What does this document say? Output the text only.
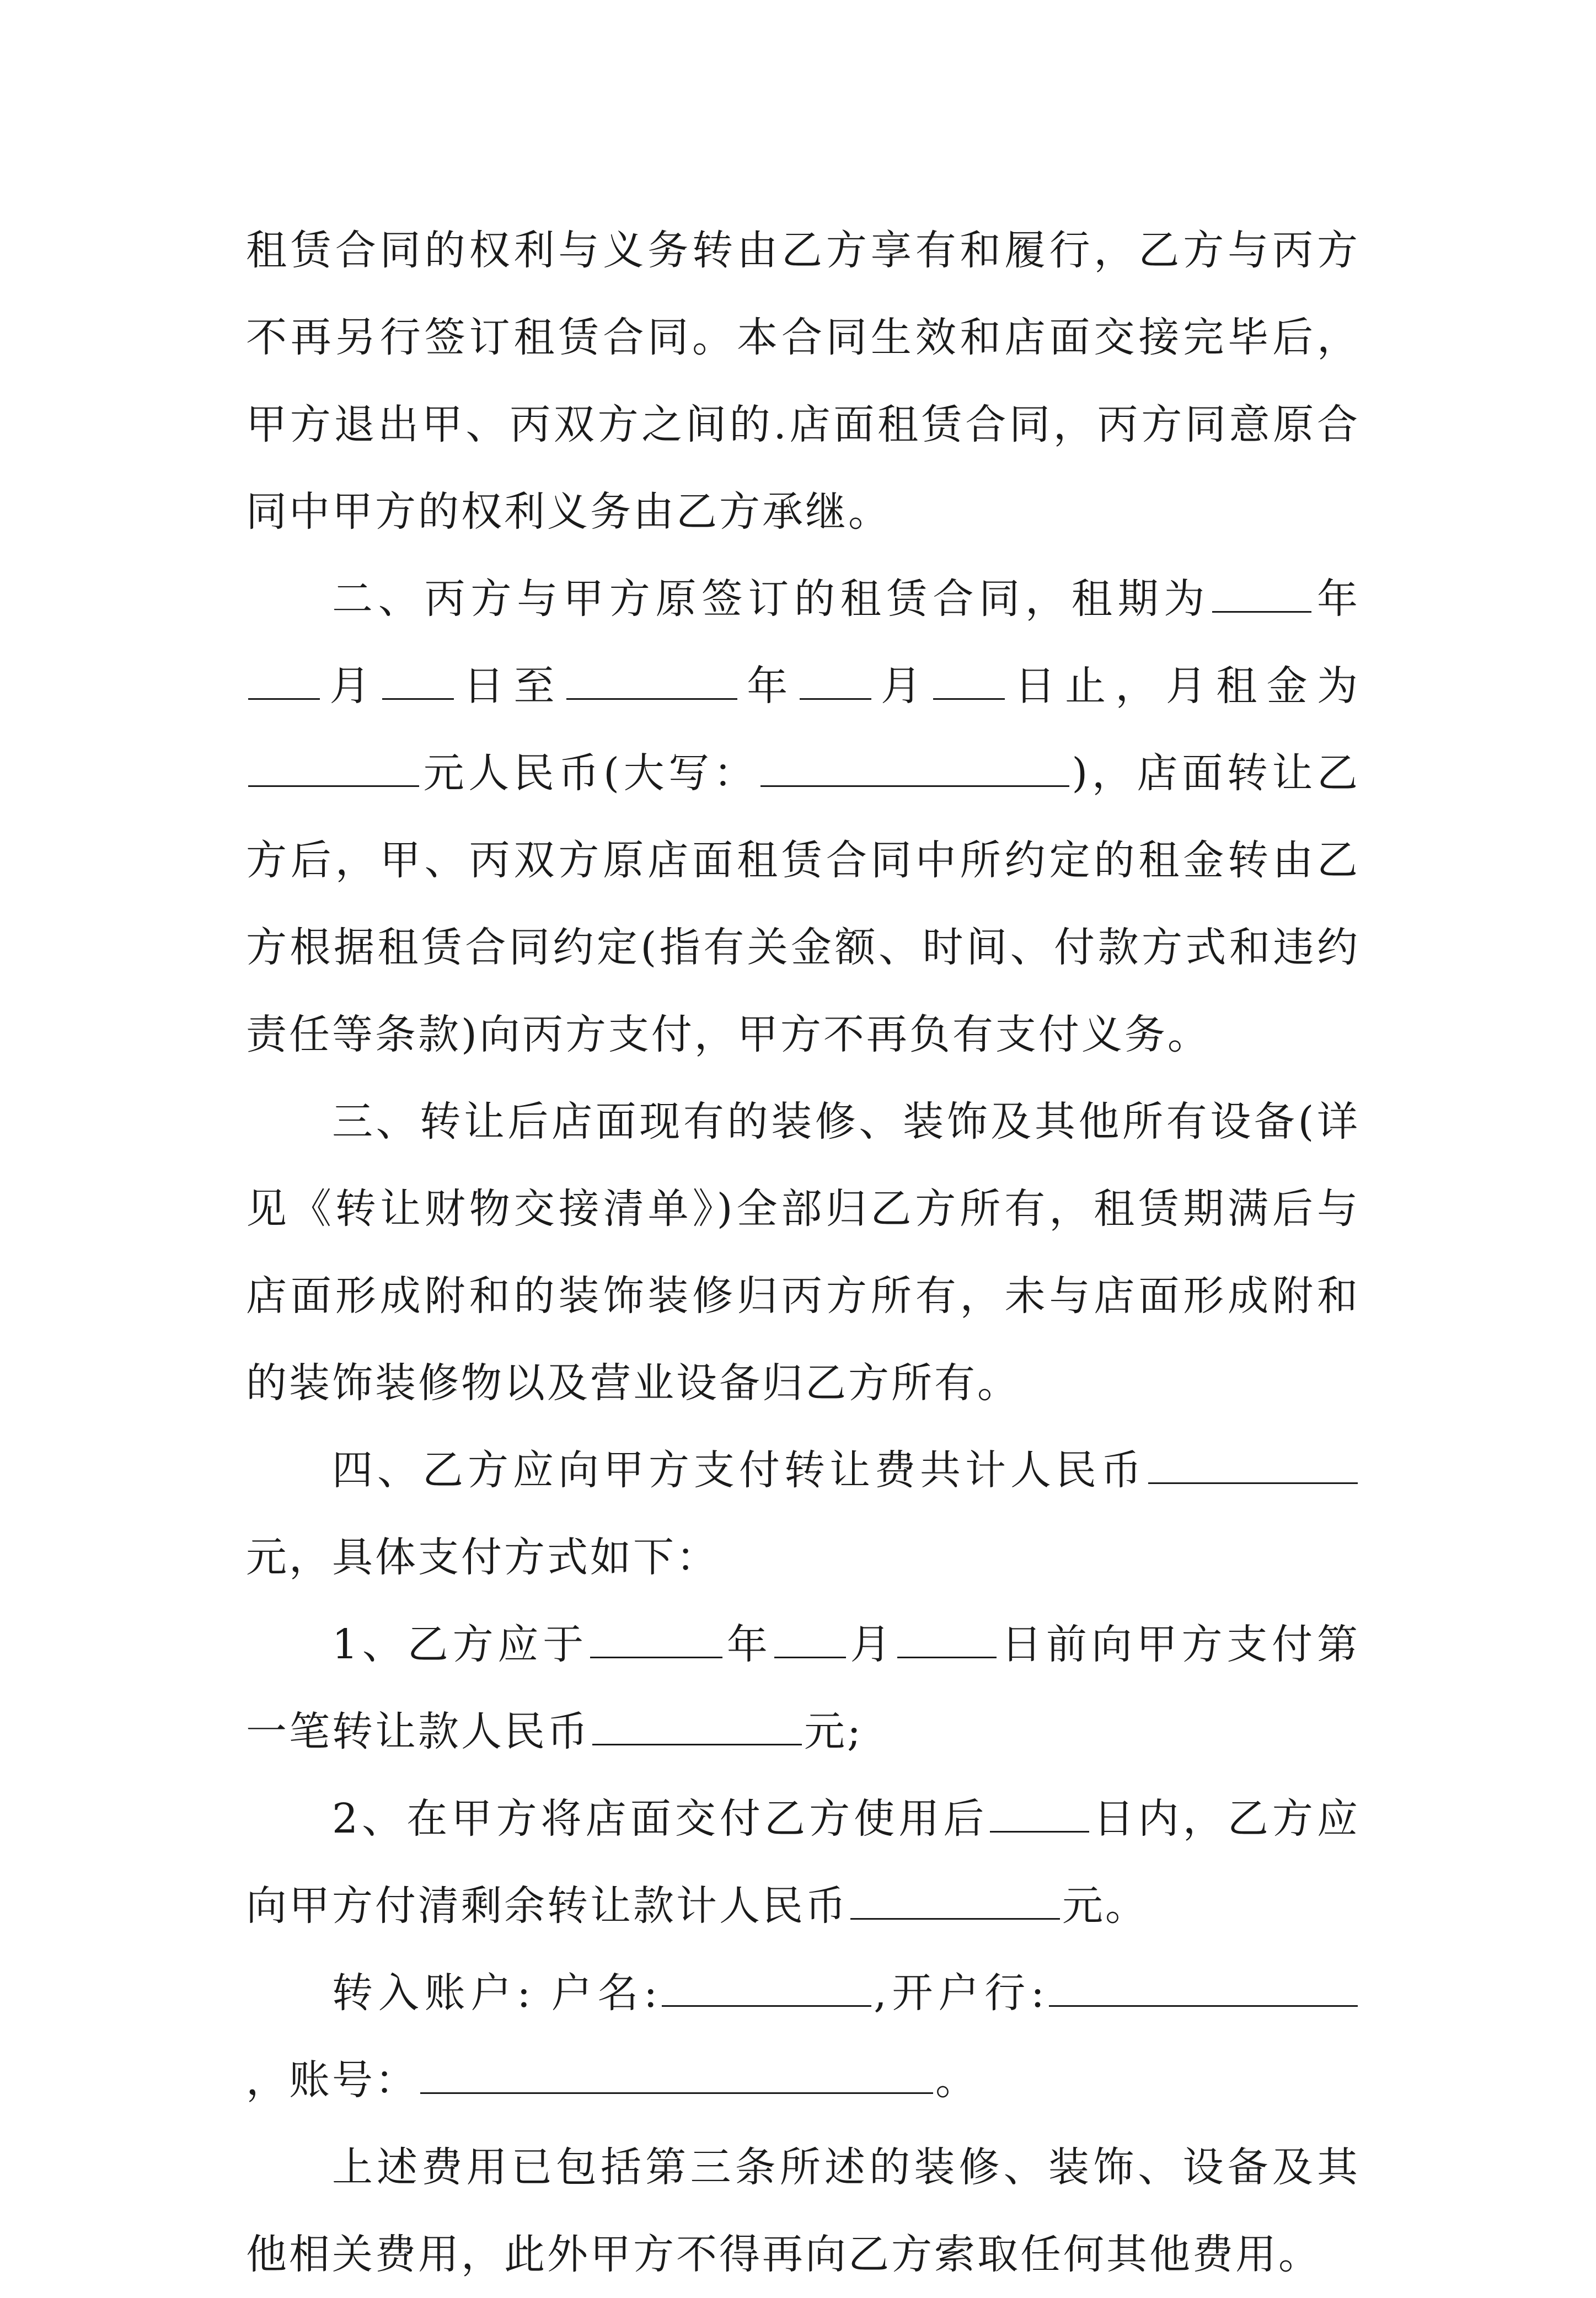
租赁合同的权利与义务转由乙方享有和履行，乙方与丙方不再另行签订租赁合同。本合同生效和店面交接完毕后，甲方退出甲、丙双方之间的.店面租赁合同，丙方同意原合同中甲方的权利义务由乙方承继。

二、丙方与甲方原签订的租赁合同，租期为	年月 日至	年 月 日止，月租金为元人民币(大写：	)，店面转让乙方后，甲、丙双方原店面租赁合同中所约定的租金转由乙方根据租赁合同约定(指有关金额、时间、付款方式和违约责任等条款)向丙方支付，甲方不再负有支付义务。

三、转让后店面现有的装修、装饰及其他所有设备(详见《转让财物交接清单》)全部归乙方所有，租赁期满后与店面形成附和的装饰装修归丙方所有，未与店面形成附和的装饰装修物以及营业设备归乙方所有。

四、乙方应向甲方支付转让费共计人民币元，具体支付方式如下：

1、乙方应于	年 月	日前向甲方支付第一笔转让款人民币	元;

2、在甲方将店面交付乙方使用后	日内，乙方应向甲方付清剩余转让款计人民币	元。

转入账户: 户名:	,开户行:，账号：	。

上述费用已包括第三条所述的装修、装饰、设备及其他相关费用，此外甲方不得再向乙方索取任何其他费用。
